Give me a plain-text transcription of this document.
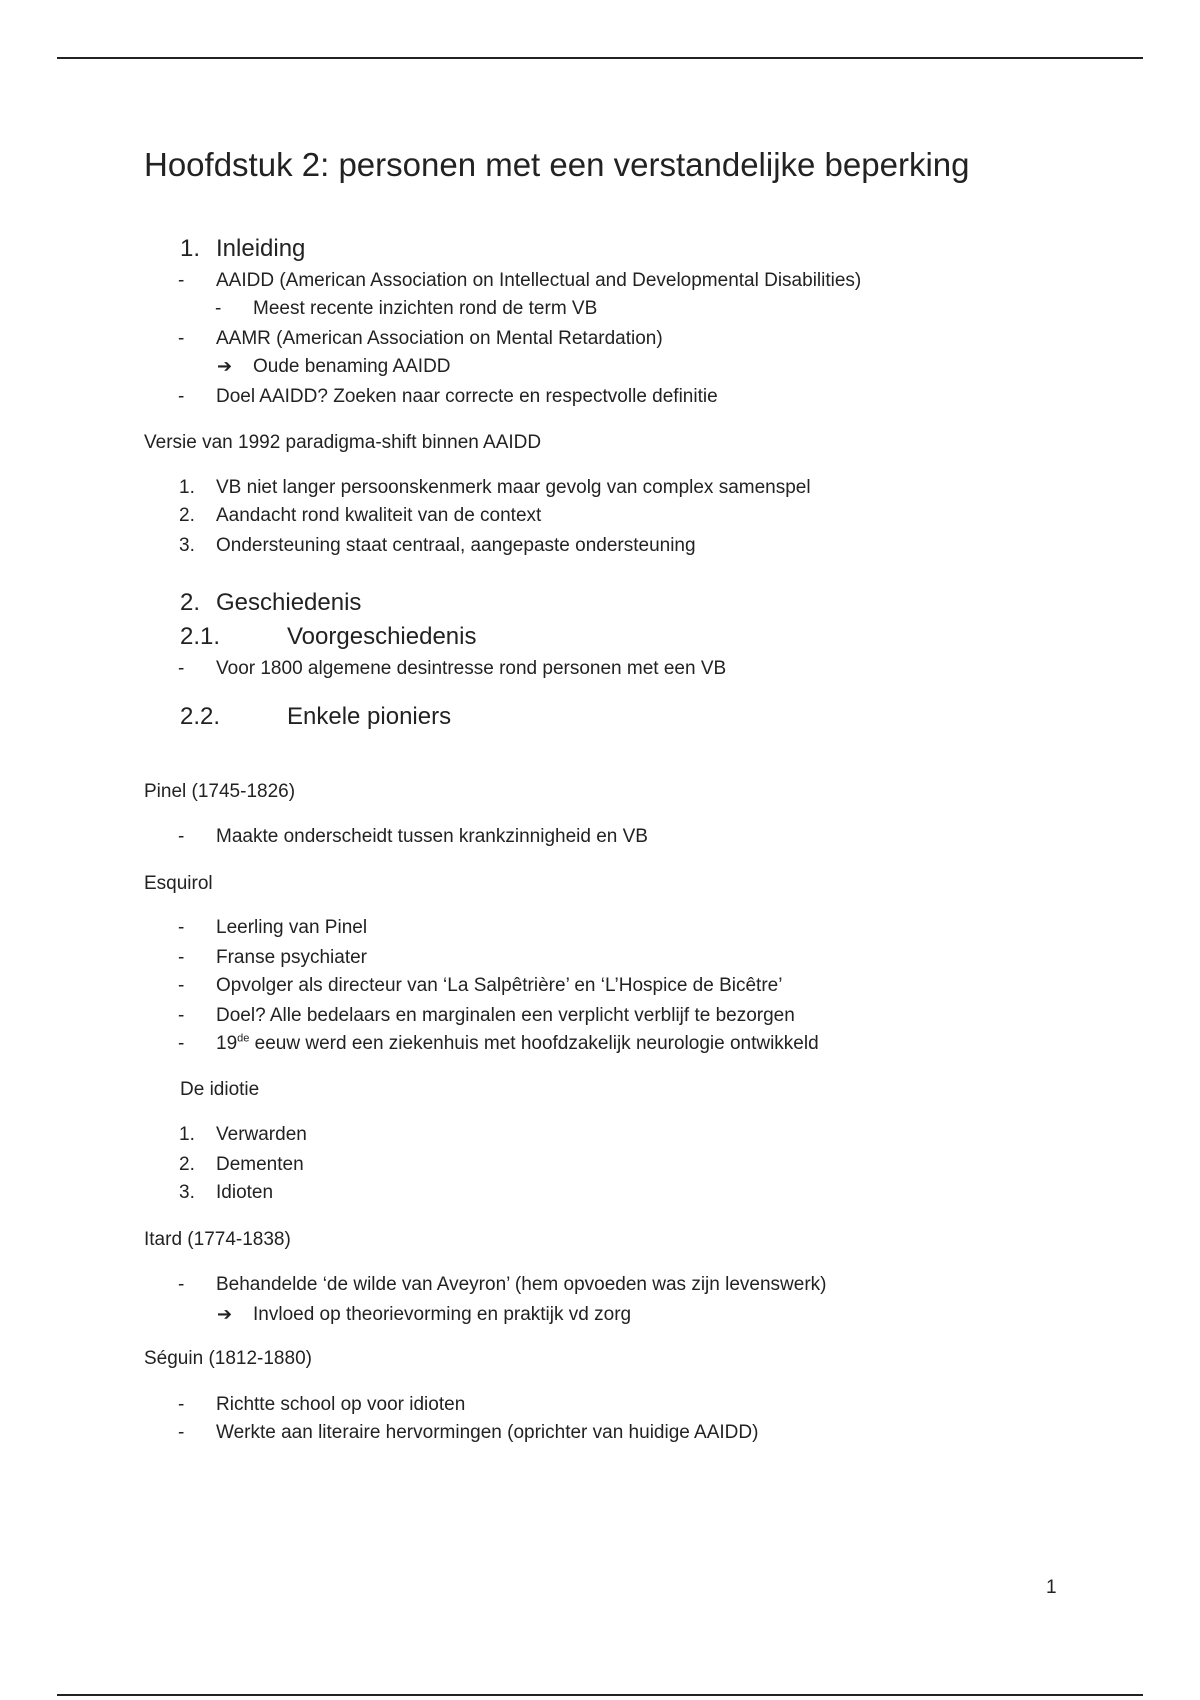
Hoofdstuk 2: personen met een verstandelijke beperking
1. Inleiding
-	AAIDD (American Association on Intellectual and Developmental Disabilities)
-	Meest recente inzichten rond de term VB
-	AAMR (American Association on Mental Retardation)
➔ Oude benaming AAIDD
-	Doel AAIDD? Zoeken naar correcte en respectvolle definitie
Versie van 1992 paradigma-shift binnen AAIDD
1. VB niet langer persoonskenmerk maar gevolg van complex samenspel
2. Aandacht rond kwaliteit van de context
3. Ondersteuning staat centraal, aangepaste ondersteuning
2. Geschiedenis
2.1.	Voorgeschiedenis
-	Voor 1800 algemene desintresse rond personen met een VB
2.2.	Enkele pioniers
Pinel (1745-1826)
-	Maakte onderscheidt tussen krankzinnigheid en VB
Esquirol
-	Leerling van Pinel
-	Franse psychiater
-	Opvolger als directeur van ‘La Salpêtrière’ en ‘L’Hospice de Bicêtre’
-	Doel? Alle bedelaars en marginalen een verplicht verblijf te bezorgen
-	19de eeuw werd een ziekenhuis met hoofdzakelijk neurologie ontwikkeld
De idiotie
1. Verwarden
2. Dementen
3. Idioten
Itard (1774-1838)
-	Behandelde ‘de wilde van Aveyron’ (hem opvoeden was zijn levenswerk)
➔ Invloed op theorievorming en praktijk vd zorg
Séguin (1812-1880)
-	Richtte school op voor idioten
-	Werkte aan literaire hervormingen (oprichter van huidige AAIDD)
1
